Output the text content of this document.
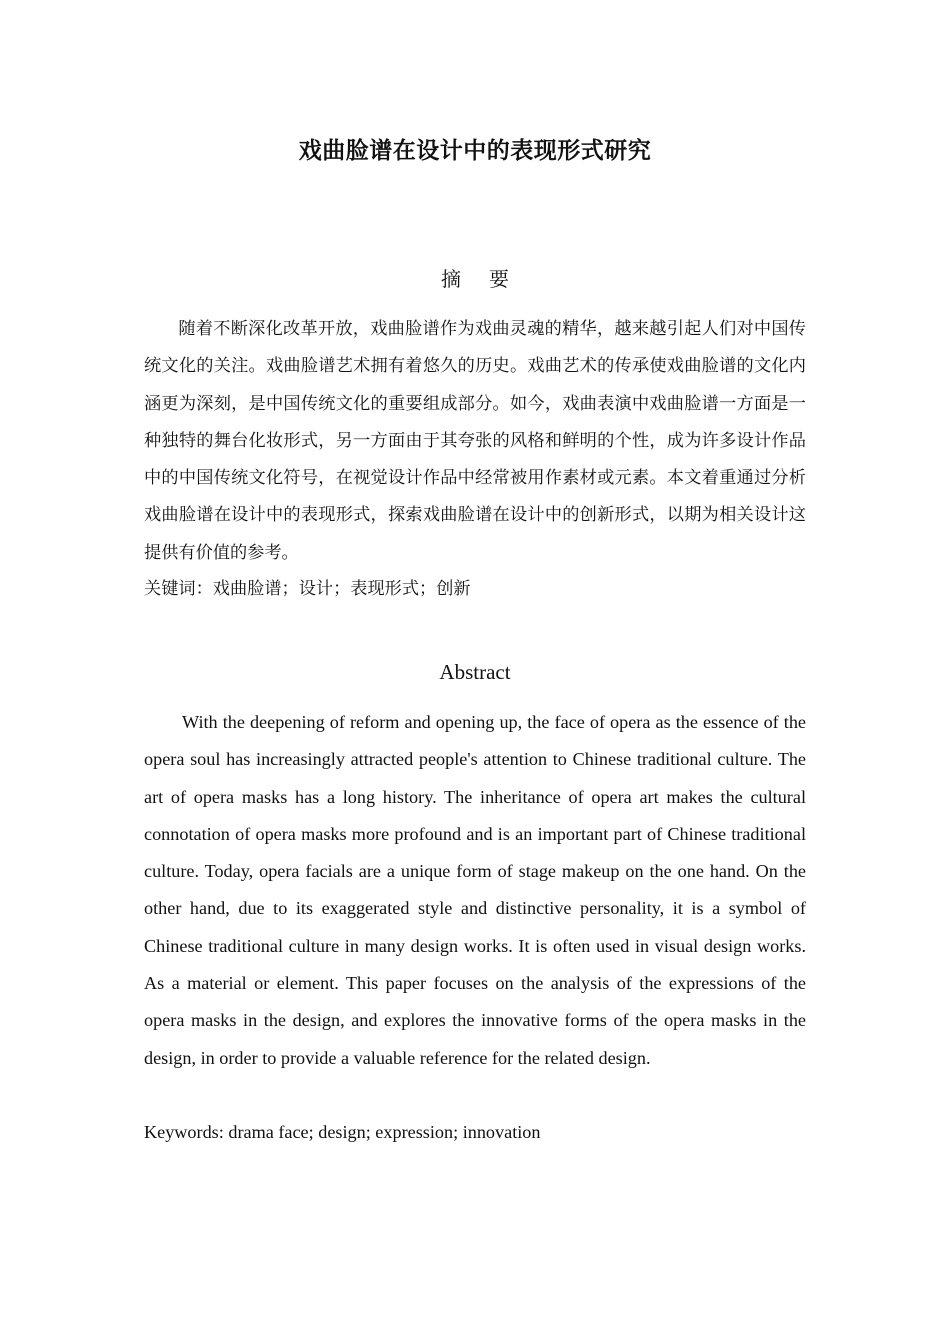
戏曲脸谱在设计中的表现形式研究
摘 要

随着不断深化改革开放，戏曲脸谱作为戏曲灵魂的精华，越来越引起人们对中国传统文化的关注。戏曲脸谱艺术拥有着悠久的历史。戏曲艺术的传承使戏曲脸谱的文化内涵更为深刻，是中国传统文化的重要组成部分。如今，戏曲表演中戏曲脸谱一方面是一种独特的舞台化妆形式，另一方面由于其夸张的风格和鲜明的个性，成为许多设计作品中的中国传统文化符号，在视觉设计作品中经常被用作素材或元素。本文着重通过分析戏曲脸谱在设计中的表现形式，探索戏曲脸谱在设计中的创新形式，以期为相关设计这提供有价值的参考。

关键词：戏曲脸谱；设计；表现形式；创新

Abstract

With the deepening of reform and opening up, the face of opera as the essence of the opera soul has increasingly attracted people's attention to Chinese traditional culture. The art of opera masks has a long history. The inheritance of opera art makes the cultural connotation of opera masks more profound and is an important part of Chinese traditional culture. Today, opera facials are a unique form of stage makeup on the one hand. On the other hand, due to its exaggerated style and distinctive personality, it is a symbol of Chinese traditional culture in many design works. It is often used in visual design works. As a material or element. This paper focuses on the analysis of the expressions of the opera masks in the design, and explores the innovative forms of the opera masks in the design, in order to provide a valuable reference for the related design.

Keywords: drama face; design; expression; innovation
